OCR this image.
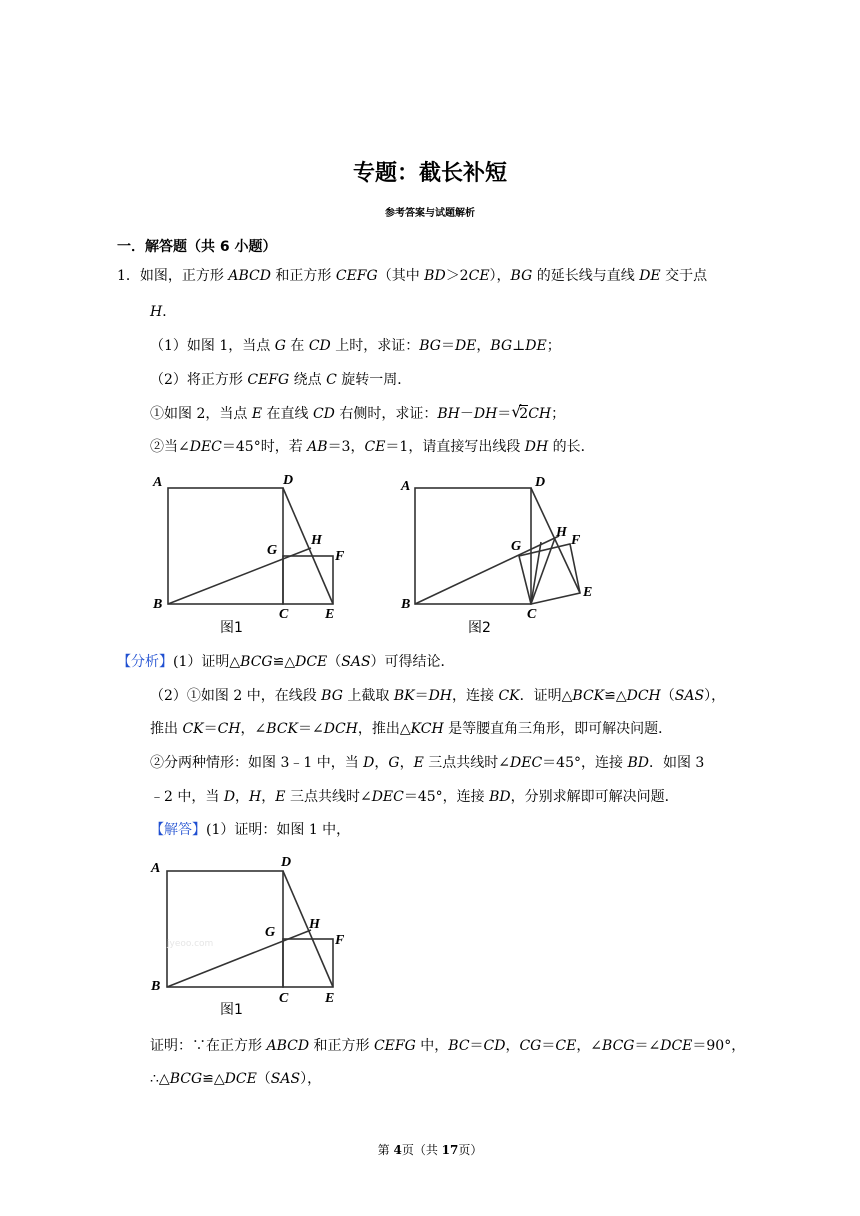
专题：截长补短
参考答案与试题解析
一．解答题（共 6 小题）
1．如图，正方形 ABCD 和正方形 CEFG（其中 BD＞2CE），BG 的延长线与直线 DE 交于点
H．
（1）如图 1，当点 G 在 CD 上时，求证：BG＝DE，BG⊥DE；
（2）将正方形 CEFG 绕点 C 旋转一周．
①如图 2，当点 E 在直线 CD 右侧时，求证：BH－DH＝ √
2CH；
②当∠DEC＝45°时，若 AB＝3，CE＝1，请直接写出线段 DH 的长．
A
B
C
D
E
F
G
H
图1
A
B
C
D
E
F
G
H
图2
【分析】(1）证明△BCG≌△DCE（SAS）可得结论．
（2）①如图 2 中，在线段 BG 上截取 BK＝DH，连接 CK．证明△BCK≌△DCH（SAS），
推出 CK＝CH，∠BCK＝∠DCH，推出△KCH 是等腰直角三角形，即可解决问题．
②分两种情形：如图 3﹣1 中，当 D，G，E 三点共线时∠DEC＝45°，连接 BD．如图 3
﹣2 中，当 D，H，E 三点共线时∠DEC＝45°，连接 BD，分别求解即可解决问题．
【解答】(1）证明：如图 1 中，
A
B
C
D
E
F
G
H
jyeoo.com
图1
证明：∵在正方形 ABCD 和正方形 CEFG 中，BC＝CD，CG＝CE，∠BCG＝∠DCE＝90°，
∴△BCG≌△DCE（SAS），
第 4页（共 17页）
